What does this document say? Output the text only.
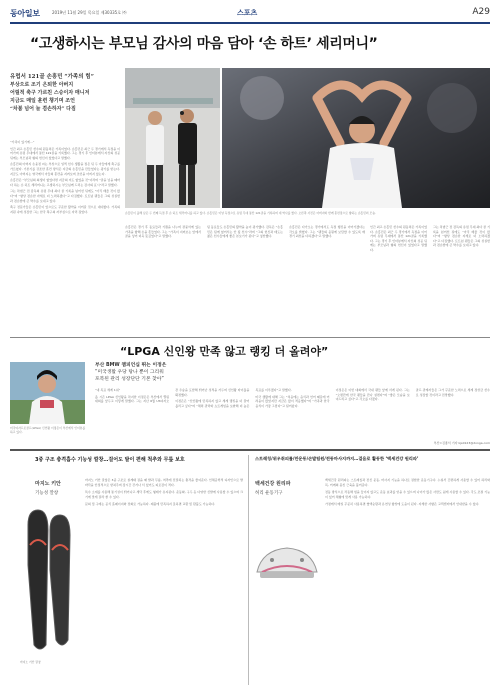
동아일보	2019년 11월 29일 목요일 제30335호 ㈜	스포츠	A29
“고생하시는 부모님 감사의 마음 담아 ‘손 하트’ 세리머니”
유럽서 121골 손흥민 “가족의 힘”
부상으로 조기 은퇴한 아버지
어릴적 축구 가르친 스승이자 매니저
지금도 매일 훈련 챙기며 조언
“차붐 넘어 늘 겸손하자” 다짐

“가족이 있기에…”

인간 최고 손흥민 선수의 원동력은 가족이었다. 손흥민은 최근 두 경기에서 득점을 이어가며 유럽 무대에서 통산 121골을 기록했다. 그는 경기 후 인터뷰에서 자신의 성공 뒤에는 부모님과 형의 헌신이 있었다고 말했다.

손흥민의 아버지 손웅정 씨는 부상으로 일찍 선수 생활을 접은 뒤 두 아들에게 축구를 가르쳤다. 기본기를 강조한 훈련 방식은 지금의 손흥민을 만들었다는 평가를 받는다. 지금도 아버지는 영국에서 아들의 훈련을 지켜보며 조언을 아끼지 않는다.

손흥민은 “부모님의 희생이 없었다면 지금의 저도 없었을 것”이라며 “골을 넣을 때마다 하는 손 하트 세리머니는 고생하시는 부모님께 드리는 감사의 표시”라고 말했다.

그는 차범근 전 감독의 유럽 무대 최다 골 기록을 넘어선 뒤에도 “아직 배울 것이 많다”며 “항상 겸손한 자세로 더 노력하겠다”고 다짐했다. 토트넘 팬들은 그의 성실함과 겸손함에 큰 박수를 보내고 있다.

축구 전문가들은 손흥민이 앞으로도 꾸준한 활약을 이어갈 것으로 내다봤다. 가족의 지원 속에 성장한 그는 한국 축구의 자부심으로 자리 잡았다.	손흥민이 올해 남은 두 번째 득점 후 손 하트 세리머니를 하고 있다. 손흥민은 이날 득점으로 유럽 무대 통산 121골을 기록하며 새 역사를 썼다. 오른쪽 사진은 아버지와 함께 훈련장으로 향하는 손흥민의 모습.

손흥민은 경기 후 동료들과 기쁨을 나누며 관중석에 있는 가족을 향해 손을 흔들었다. 그는 “가족이 지켜보는 앞에서 골을 넣어 더욱 뜻깊었다”고 말했다.

팀 동료들도 손흥민의 활약을 높이 평가했다. 감독은 “손흥민은 팀에 없어서는 안 될 선수”라며 “그의 헌신과 태도는 젊은 선수들에게 좋은 본보기가 된다”고 칭찬했다.

손흥민은 다가오는 경기에서도 득점 행진을 이어가겠다는 각오를 밝혔다. 그는 “팬들의 응원에 보답할 수 있도록 매 경기 최선을 다하겠다”고 말했다.

인간 최고 손흥민 선수의 원동력은 가족이었다. 손흥민은 최근 두 경기에서 득점을 이어가며 유럽 무대에서 통산 121골을 기록했다. 그는 경기 후 인터뷰에서 자신의 성공 뒤에는 부모님과 형의 헌신이 있었다고 말했다.

그는 차범근 전 감독의 유럽 무대 최다 골 기록을 넘어선 뒤에도 “아직 배울 것이 많다”며 “항상 겸손한 자세로 더 노력하겠다”고 다짐했다. 토트넘 팬들은 그의 성실함과 겸손함에 큰 박수를 보내고 있다.

“LPGA 신인왕 만족 않고 랭킹 더 올려야”
미국여자프로골프(LPGA) 신인왕 이정은이 부산에서 인터뷰를 하고 있다.
부산 BMW 챔피언십 뛰는 이정은
“미국생활 우당 탕나 뿐이 그리워
포복된 관리 성장단단 기본 찾아”

“내 목표 세계 1위”

올 시즌 LPGA 신인왕을 차지한 이정은은 부산에서 열린 대회를 앞두고 이렇게 말했다. 그는 지난 6월 US여자오픈 우승을 포함해 뛰어난 성적을 거두며 신인왕 타이틀을 확정했다.

이정은은 “신인왕에 만족하지 않고 세계 랭킹을 더 끌어올리고 싶다”며 “체력 관리와 쇼트게임을 보완해 더 높은 목표를 이루겠다”고 말했다.

미국 생활에 대해 그는 “처음에는 음식과 언어 때문에 어려움이 많았지만 지금은 많이 적응했다”며 “가족과 한국 음식이 가장 그립다”고 털어놨다.

이정은은 이번 대회에서 국내 팬들 앞에 서게 된다. 그는 “오랜만에 한국 팬들을 만나 설렌다”며 “좋은 모습을 보여드리고 싶다”고 각오를 다졌다.

골프 관계자들은 그가 꾸준한 노력으로 세계 정상급 선수로 성장할 것이라고 전망했다.

부산=김종석 기자 kjs0123@donga.com
3중 구조 충격흡수 기능성 깔창…걸어도 발이 편해 척추와 무릎 보호
마지노 키안
기능성 깔창
마지노 키안 깔창

마지노 키안 깔창은 3중 구조로 설계돼 걸을 때 발과 무릎, 척추에 전달되는 충격을 줄여준다. 인체공학적 디자인으로 발바닥을 안정적으로 받쳐주며 장시간 걷거나 서 있어도 피로감이 적다.

특수 소재를 사용해 통기성이 뛰어나고 세탁 후에도 형태가 유지된다. 운동화, 구두 등 다양한 신발에 사용할 수 있으며 크기에 맞게 잘라 쓸 수 있다.

문의 및 구매는 공식 홈페이지와 전화로 가능하다. 제품에 만족하지 못하면 교환 및 환불도 가능하다.

스트레칭/위우취피를/만운동/손발팀원/전동마사지까지…걸음로 활동한 ‘백세건강 원리파’
백세건강 원리파
허리 운동기구

백세건강 원리파는 스트레칭과 전신 운동, 마사지 기능을 하나로 결합한 운동기구다. 누워서 간편하게 사용할 수 있어 허리와 목, 어깨의 뭉친 근육을 풀어준다.

전동 방식으로 작동해 힘을 들이지 않고도 운동 효과를 얻을 수 있으며 나이가 많은 사람도 쉽게 사용할 수 있다. 각도 조절 기능이 있어 체형에 맞게 사용 가능하다.

가정에서 매일 꾸준히 사용하면 혈액순환과 유연성 향상에 도움이 된다. 자세한 사항은 고객센터에서 안내받을 수 있다.
